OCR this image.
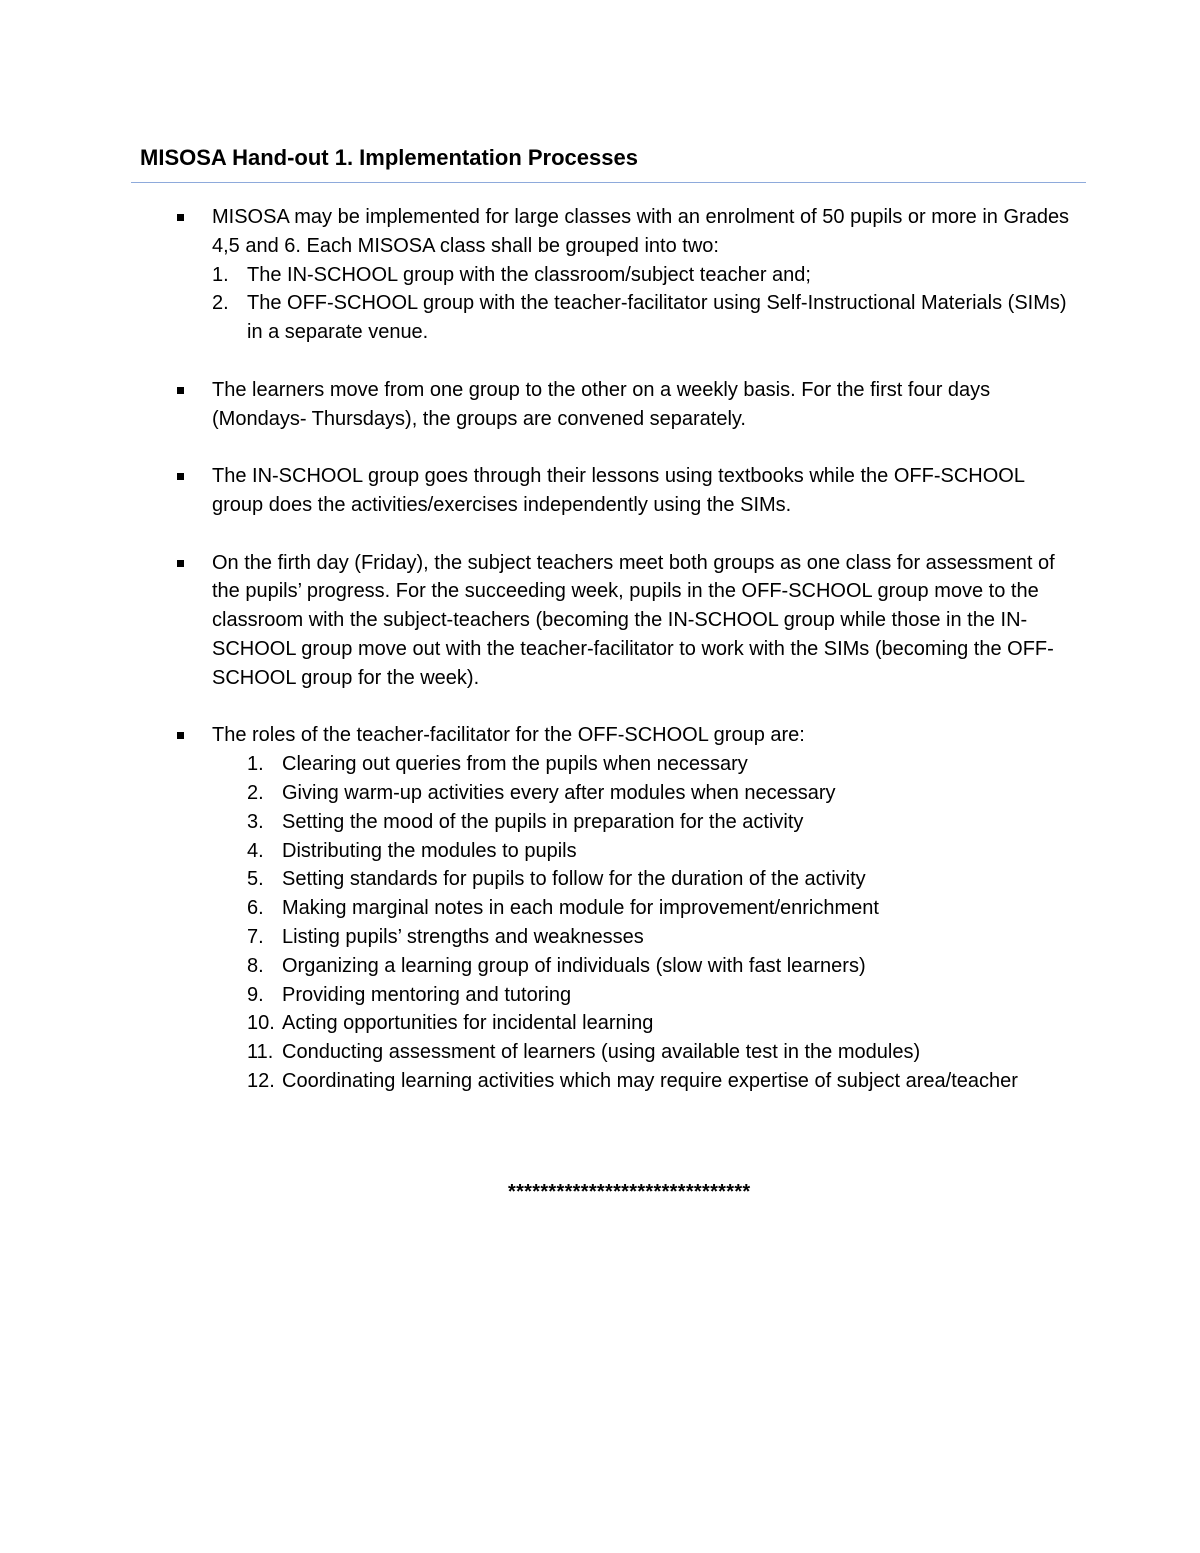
MISOSA Hand-out 1. Implementation Processes
MISOSA may be implemented for large classes with an enrolment of 50 pupils or more in Grades 4,5 and 6. Each MISOSA class shall be grouped into two:
1. The IN-SCHOOL group with the classroom/subject teacher and;
2. The OFF-SCHOOL group with the teacher-facilitator using Self-Instructional Materials (SIMs) in a separate venue.
The learners move from one group to the other on a weekly basis. For the first four days (Mondays- Thursdays), the groups are convened separately.
The IN-SCHOOL group goes through their lessons using textbooks while the OFF-SCHOOL group does the activities/exercises independently using the SIMs.
On the firth day (Friday), the subject teachers meet both groups as one class for assessment of the pupils’ progress. For the succeeding week, pupils in the OFF-SCHOOL group move to the classroom with the subject-teachers (becoming the IN-SCHOOL group while those in the IN-SCHOOL group move out with the teacher-facilitator to work with the SIMs (becoming the OFF-SCHOOL group for the week).
The roles of the teacher-facilitator for the OFF-SCHOOL group are:
1. Clearing out queries from the pupils when necessary
2. Giving warm-up activities every after modules when necessary
3. Setting the mood of the pupils in preparation for the activity
4. Distributing the modules to pupils
5. Setting standards for pupils to follow for the duration of the activity
6. Making marginal notes in each module for improvement/enrichment
7. Listing pupils’ strengths and weaknesses
8. Organizing a learning group of individuals (slow with fast learners)
9. Providing mentoring and tutoring
10. Acting opportunities for incidental learning
11. Conducting assessment of learners (using available test in the modules)
12. Coordinating learning activities which may require expertise of subject area/teacher
******************************
